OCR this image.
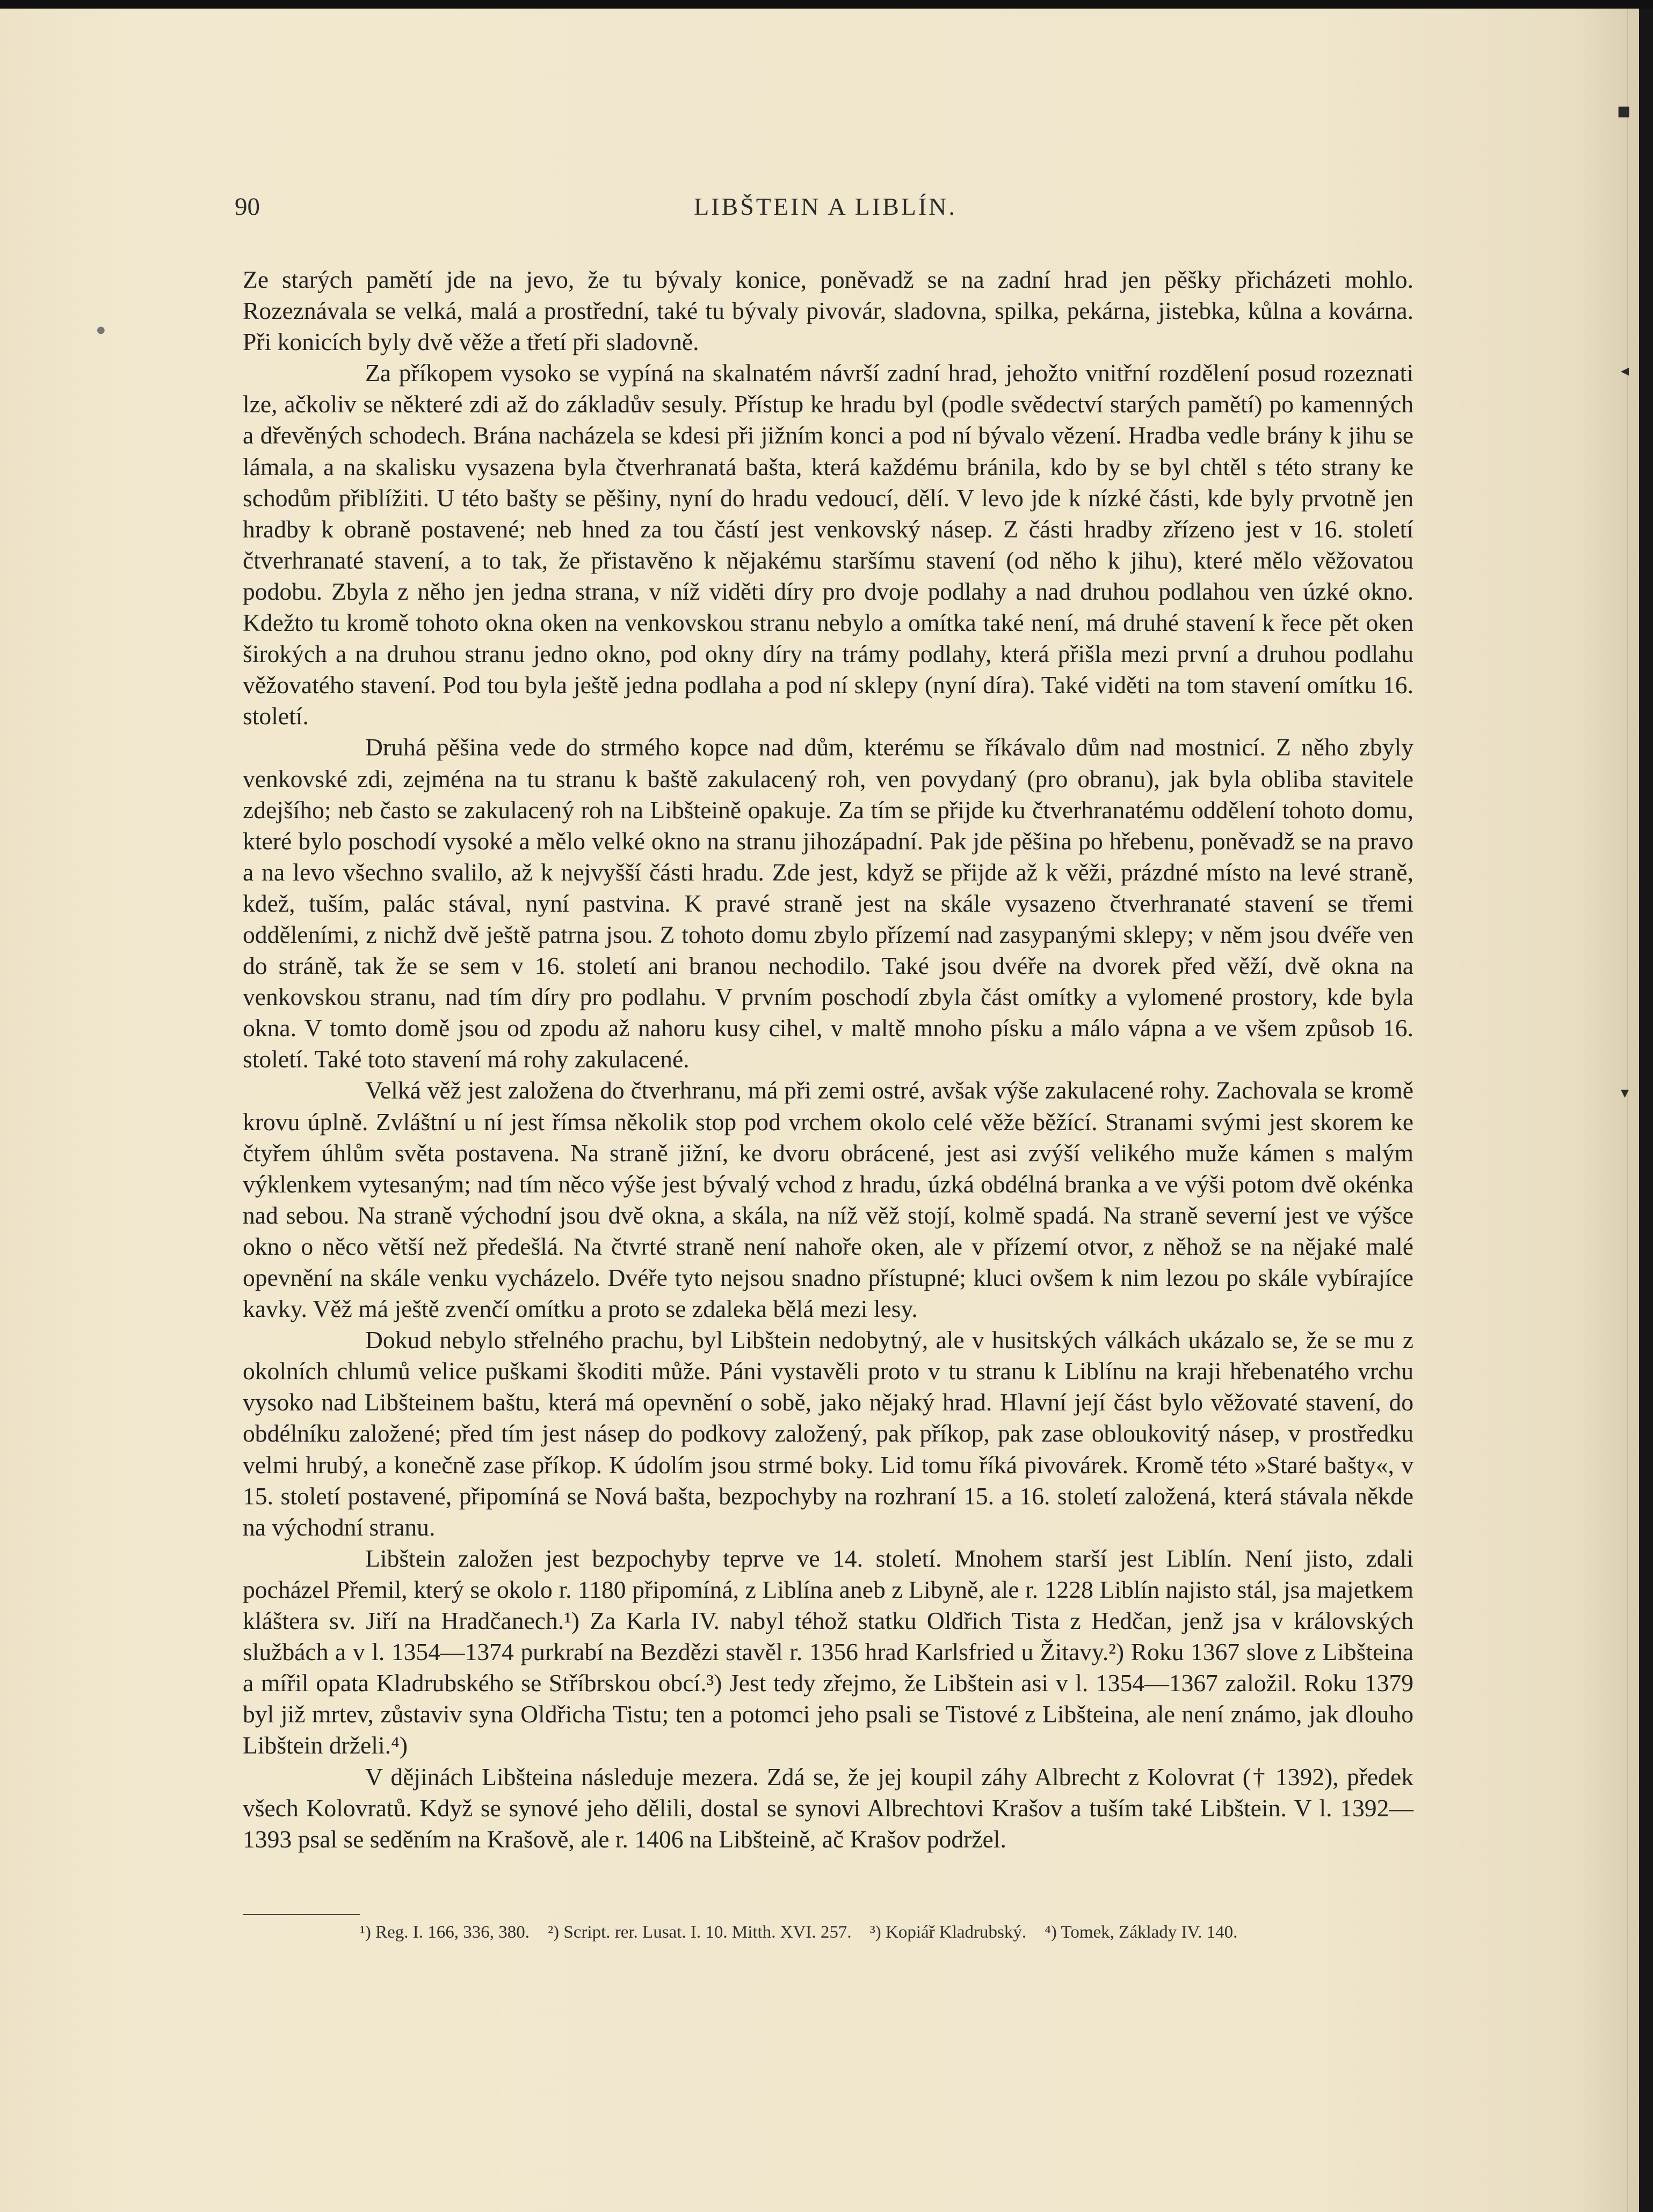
90	LIBŠTEIN A LIBLÍN.

Ze starých pamětí jde na jevo, že tu bývaly konice, poněvadž se na zadní hrad jen pěšky přicházeti mohlo. Rozeznávala se velká, malá a prostřední, také tu bývaly pivovár, sladovna, spilka, pekárna, jistebka, kůlna a kovárna. Při konicích byly dvě věže a třetí při sladovně.

Za příkopem vysoko se vypíná na skalnatém návrší zadní hrad, jehožto vnitřní rozdělení posud rozeznati lze, ačkoliv se některé zdi až do základův sesuly. Přístup ke hradu byl (podle svědectví starých pamětí) po kamenných a dřevěných schodech. Brána nacházela se kdesi při jižním konci a pod ní bývalo vězení. Hradba vedle brány k jihu se lámala, a na skalisku vysazena byla čtverhranatá bašta, která každému bránila, kdo by se byl chtěl s této strany ke schodům přiblížiti. U této bašty se pěšiny, nyní do hradu vedoucí, dělí. V levo jde k nízké části, kde byly prvotně jen hradby k obraně postavené; neb hned za tou částí jest venkovský násep. Z části hradby zřízeno jest v 16. století čtverhranaté stavení, a to tak, že přistavěno k nějakému staršímu stavení (od něho k jihu), které mělo věžovatou podobu. Zbyla z něho jen jedna strana, v níž viděti díry pro dvoje podlahy a nad druhou podlahou ven úzké okno. Kdežto tu kromě tohoto okna oken na venkovskou stranu nebylo a omítka také není, má druhé stavení k řece pět oken širokých a na druhou stranu jedno okno, pod okny díry na trámy podlahy, která přišla mezi první a druhou podlahu věžovatého stavení. Pod tou byla ještě jedna podlaha a pod ní sklepy (nyní díra). Také viděti na tom stavení omítku 16. století.

Druhá pěšina vede do strmého kopce nad dům, kterému se říkávalo dům nad mostnicí. Z něho zbyly venkovské zdi, zejména na tu stranu k baště zakulacený roh, ven povydaný (pro obranu), jak byla obliba stavitele zdejšího; neb často se zakulacený roh na Libšteině opakuje. Za tím se přijde ku čtverhranatému oddělení tohoto domu, které bylo poschodí vysoké a mělo velké okno na stranu jihozápadní. Pak jde pěšina po hřebenu, poněvadž se na pravo a na levo všechno svalilo, až k nejvyšší části hradu. Zde jest, když se přijde až k věži, prázdné místo na levé straně, kdež, tuším, palác stával, nyní pastvina. K pravé straně jest na skále vysazeno čtverhranaté stavení se třemi odděleními, z nichž dvě ještě patrna jsou. Z tohoto domu zbylo přízemí nad zasypanými sklepy; v něm jsou dvéře ven do stráně, tak že se sem v 16. století ani branou nechodilo. Také jsou dvéře na dvorek před věží, dvě okna na venkovskou stranu, nad tím díry pro podlahu. V prvním poschodí zbyla část omítky a vylomené prostory, kde byla okna. V tomto domě jsou od zpodu až nahoru kusy cihel, v maltě mnoho písku a málo vápna a ve všem způsob 16. století. Také toto stavení má rohy zakulacené.

Velká věž jest založena do čtverhranu, má při zemi ostré, avšak výše zakulacené rohy. Zachovala se kromě krovu úplně. Zvláštní u ní jest římsa několik stop pod vrchem okolo celé věže běžící. Stranami svými jest skorem ke čtyřem úhlům světa postavena. Na straně jižní, ke dvoru obrácené, jest asi zvýší velikého muže kámen s malým výklenkem vytesaným; nad tím něco výše jest bývalý vchod z hradu, úzká obdélná branka a ve výši potom dvě okénka nad sebou. Na straně východní jsou dvě okna, a skála, na níž věž stojí, kolmě spadá. Na straně severní jest ve výšce okno o něco větší než předešlá. Na čtvrté straně není nahoře oken, ale v přízemí otvor, z něhož se na nějaké malé opevnění na skále venku vycházelo. Dvéře tyto nejsou snadno přístupné; kluci ovšem k nim lezou po skále vybírajíce kavky. Věž má ještě zvenčí omítku a proto se zdaleka bělá mezi lesy.

Dokud nebylo střelného prachu, byl Libštein nedobytný, ale v husitských válkách ukázalo se, že se mu z okolních chlumů velice puškami škoditi může. Páni vystavěli proto v tu stranu k Liblínu na kraji hřebenatého vrchu vysoko nad Libšteinem baštu, která má opevnění o sobě, jako nějaký hrad. Hlavní její část bylo věžovaté stavení, do obdélníku založené; před tím jest násep do podkovy založený, pak příkop, pak zase obloukovitý násep, v prostředku velmi hrubý, a konečně zase příkop. K údolím jsou strmé boky. Lid tomu říká pivovárek. Kromě této »Staré bašty«, v 15. století postavené, připomíná se Nová bašta, bezpochyby na rozhraní 15. a 16. století založená, která stávala někde na východní stranu.

Libštein založen jest bezpochyby teprve ve 14. století. Mnohem starší jest Liblín. Není jisto, zdali pocházel Přemil, který se okolo r. 1180 připomíná, z Liblína aneb z Libyně, ale r. 1228 Liblín najisto stál, jsa majetkem kláštera sv. Jiří na Hradčanech.¹) Za Karla IV. nabyl téhož statku Oldřich Tista z Hedčan, jenž jsa v královských službách a v l. 1354—1374 purkrabí na Bezdězi stavěl r. 1356 hrad Karlsfried u Žitavy.²) Roku 1367 slove z Libšteina a mířil opata Kladrubského se Stříbrskou obcí.³) Jest tedy zřejmo, že Libštein asi v l. 1354—1367 založil. Roku 1379 byl již mrtev, zůstaviv syna Oldřicha Tistu; ten a potomci jeho psali se Tistové z Libšteina, ale není známo, jak dlouho Libštein drželi.⁴)

V dějinách Libšteina následuje mezera. Zdá se, že jej koupil záhy Albrecht z Kolovrat († 1392), předek všech Kolovratů. Když se synové jeho dělili, dostal se synovi Albrechtovi Krašov a tuším také Libštein. V l. 1392—1393 psal se seděním na Krašově, ale r. 1406 na Libšteině, ač Krašov podržel.

¹) Reg. I. 166, 336, 380. ²) Script. rer. Lusat. I. 10. Mitth. XVI. 257. ³) Kopiář Kladrubský. ⁴) Tomek, Základy IV. 140.
▪
◂
▾
●
